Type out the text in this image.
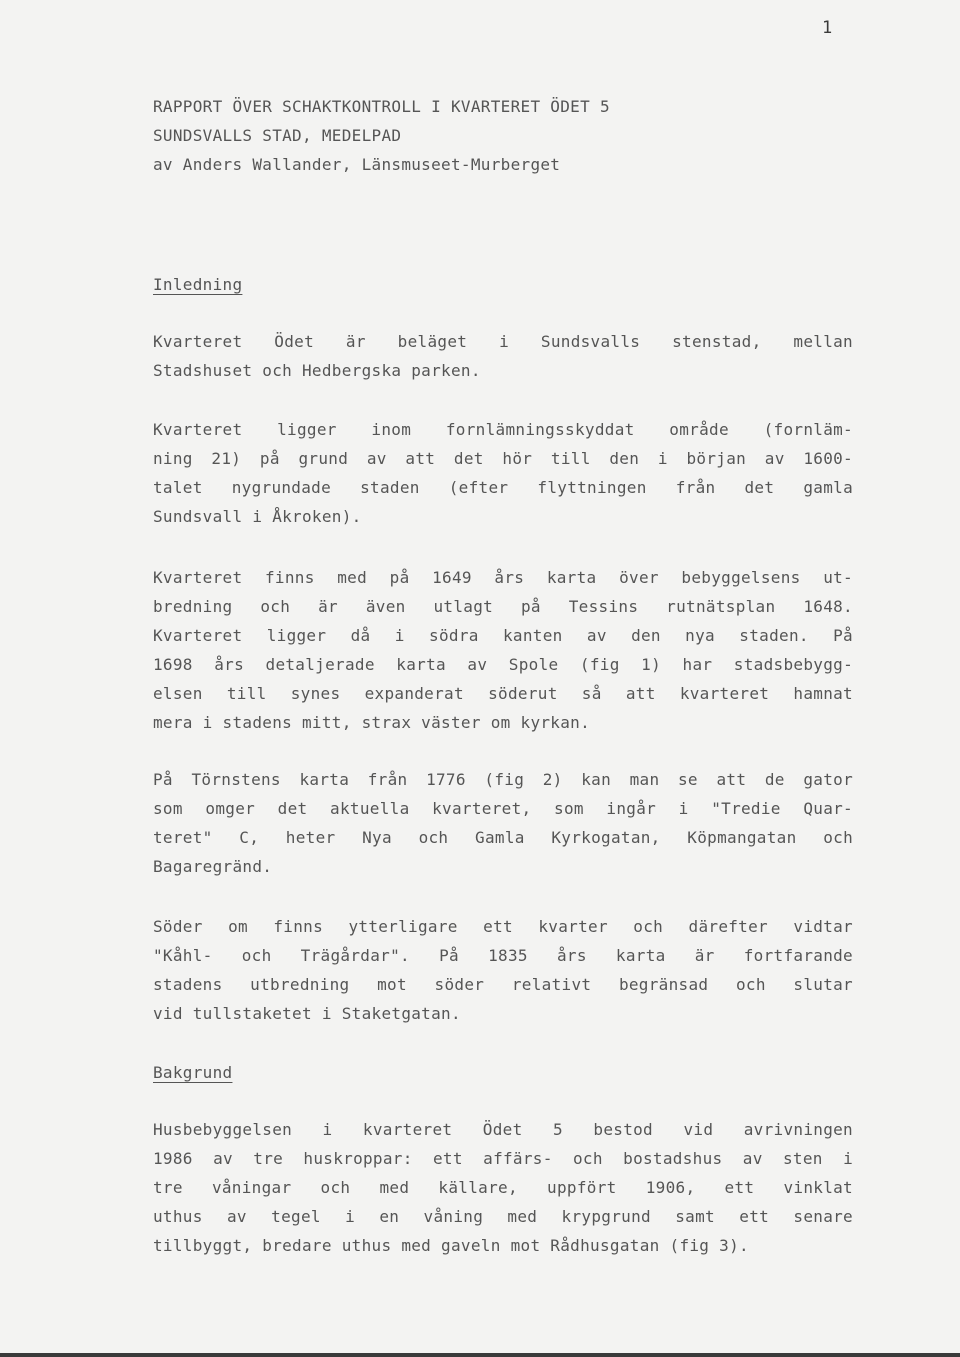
1
RAPPORT ÖVER SCHAKTKONTROLL I KVARTERET ÖDET 5
SUNDSVALLS STAD, MEDELPAD
av Anders Wallander, Länsmuseet-Murberget
Inledning
Kvarteret Ödet är beläget i Sundsvalls stenstad, mellan
Stadshuset och Hedbergska parken.
Kvarteret ligger inom fornlämningsskyddat område (fornläm-
ning 21) på grund av att det hör till den i början av 1600-
talet nygrundade staden (efter flyttningen från det gamla
Sundsvall i Åkroken).
Kvarteret finns med på 1649 års karta över bebyggelsens ut-
bredning och är även utlagt på Tessins rutnätsplan 1648.
Kvarteret ligger då i södra kanten av den nya staden. På
1698 års detaljerade karta av Spole (fig 1) har stadsbebygg-
elsen till synes expanderat söderut så att kvarteret hamnat
mera i stadens mitt, strax väster om kyrkan.
På Törnstens karta från 1776 (fig 2) kan man se att de gator
som omger det aktuella kvarteret, som ingår i "Tredie Quar-
teret" C, heter Nya och Gamla Kyrkogatan, Köpmangatan och
Bagaregränd.
Söder om finns ytterligare ett kvarter och därefter vidtar
"Kåhl- och Trägårdar". På 1835 års karta är fortfarande
stadens utbredning mot söder relativt begränsad och slutar
vid tullstaketet i Staketgatan.
Bakgrund
Husbebyggelsen i kvarteret Ödet 5 bestod vid avrivningen
1986 av tre huskroppar: ett affärs- och bostadshus av sten i
tre våningar och med källare, uppfört 1906, ett vinklat
uthus av tegel i en våning med krypgrund samt ett senare
tillbyggt, bredare uthus med gaveln mot Rådhusgatan (fig 3).
